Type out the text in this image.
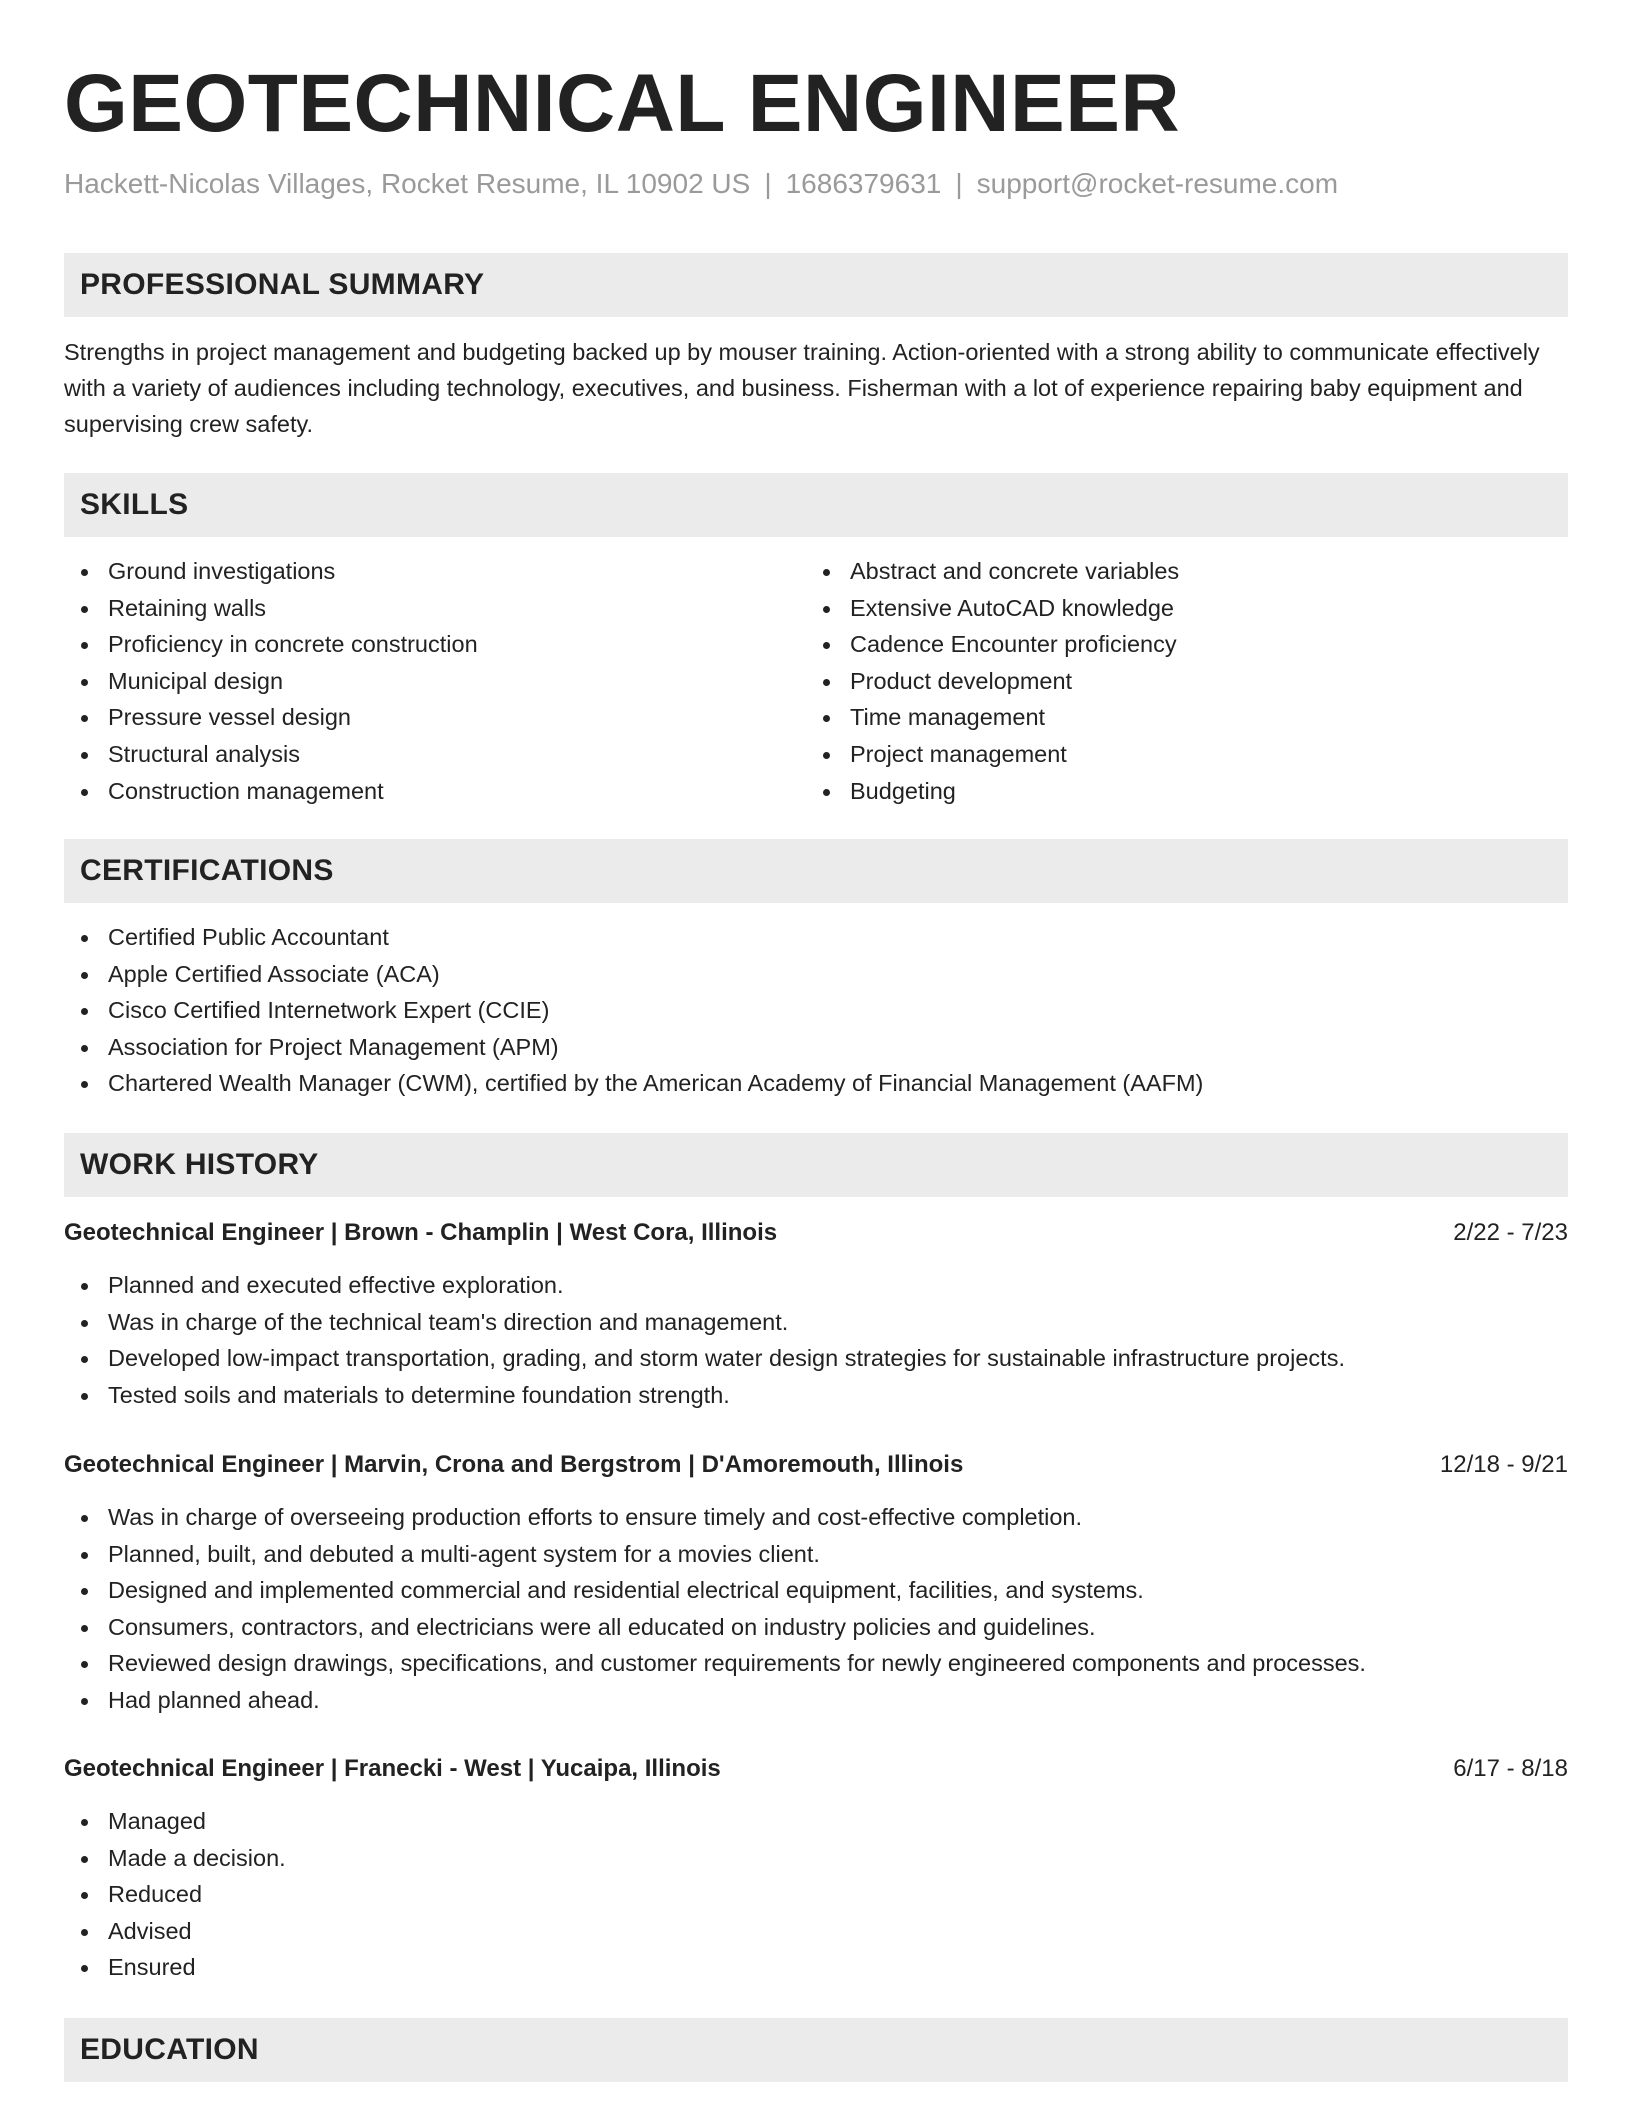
GEOTECHNICAL ENGINEER
Hackett-Nicolas Villages, Rocket Resume, IL 10902 US | 1686379631 | support@rocket-resume.com
PROFESSIONAL SUMMARY

Strengths in project management and budgeting backed up by mouser training. Action-oriented with a strong ability to communicate effectively with a variety of audiences including technology, executives, and business. Fisherman with a lot of experience repairing baby equipment and supervising crew safety.

SKILLS
Ground investigations
Retaining walls
Proficiency in concrete construction
Municipal design
Pressure vessel design
Structural analysis
Construction management
Abstract and concrete variables
Extensive AutoCAD knowledge
Cadence Encounter proficiency
Product development
Time management
Project management
Budgeting
CERTIFICATIONS
Certified Public Accountant
Apple Certified Associate (ACA)
Cisco Certified Internetwork Expert (CCIE)
Association for Project Management (APM)
Chartered Wealth Manager (CWM), certified by the American Academy of Financial Management (AAFM)
WORK HISTORY
Geotechnical Engineer | Brown - Champlin | West Cora, Illinois	2/22 - 7/23
Planned and executed effective exploration.
Was in charge of the technical team's direction and management.
Developed low-impact transportation, grading, and storm water design strategies for sustainable infrastructure projects.
Tested soils and materials to determine foundation strength.
Geotechnical Engineer | Marvin, Crona and Bergstrom | D'Amoremouth, Illinois	12/18 - 9/21
Was in charge of overseeing production efforts to ensure timely and cost-effective completion.
Planned, built, and debuted a multi-agent system for a movies client.
Designed and implemented commercial and residential electrical equipment, facilities, and systems.
Consumers, contractors, and electricians were all educated on industry policies and guidelines.
Reviewed design drawings, specifications, and customer requirements for newly engineered components and processes.
Had planned ahead.
Geotechnical Engineer | Franecki - West | Yucaipa, Illinois	6/17 - 8/18
Managed
Made a decision.
Reduced
Advised
Ensured
EDUCATION
